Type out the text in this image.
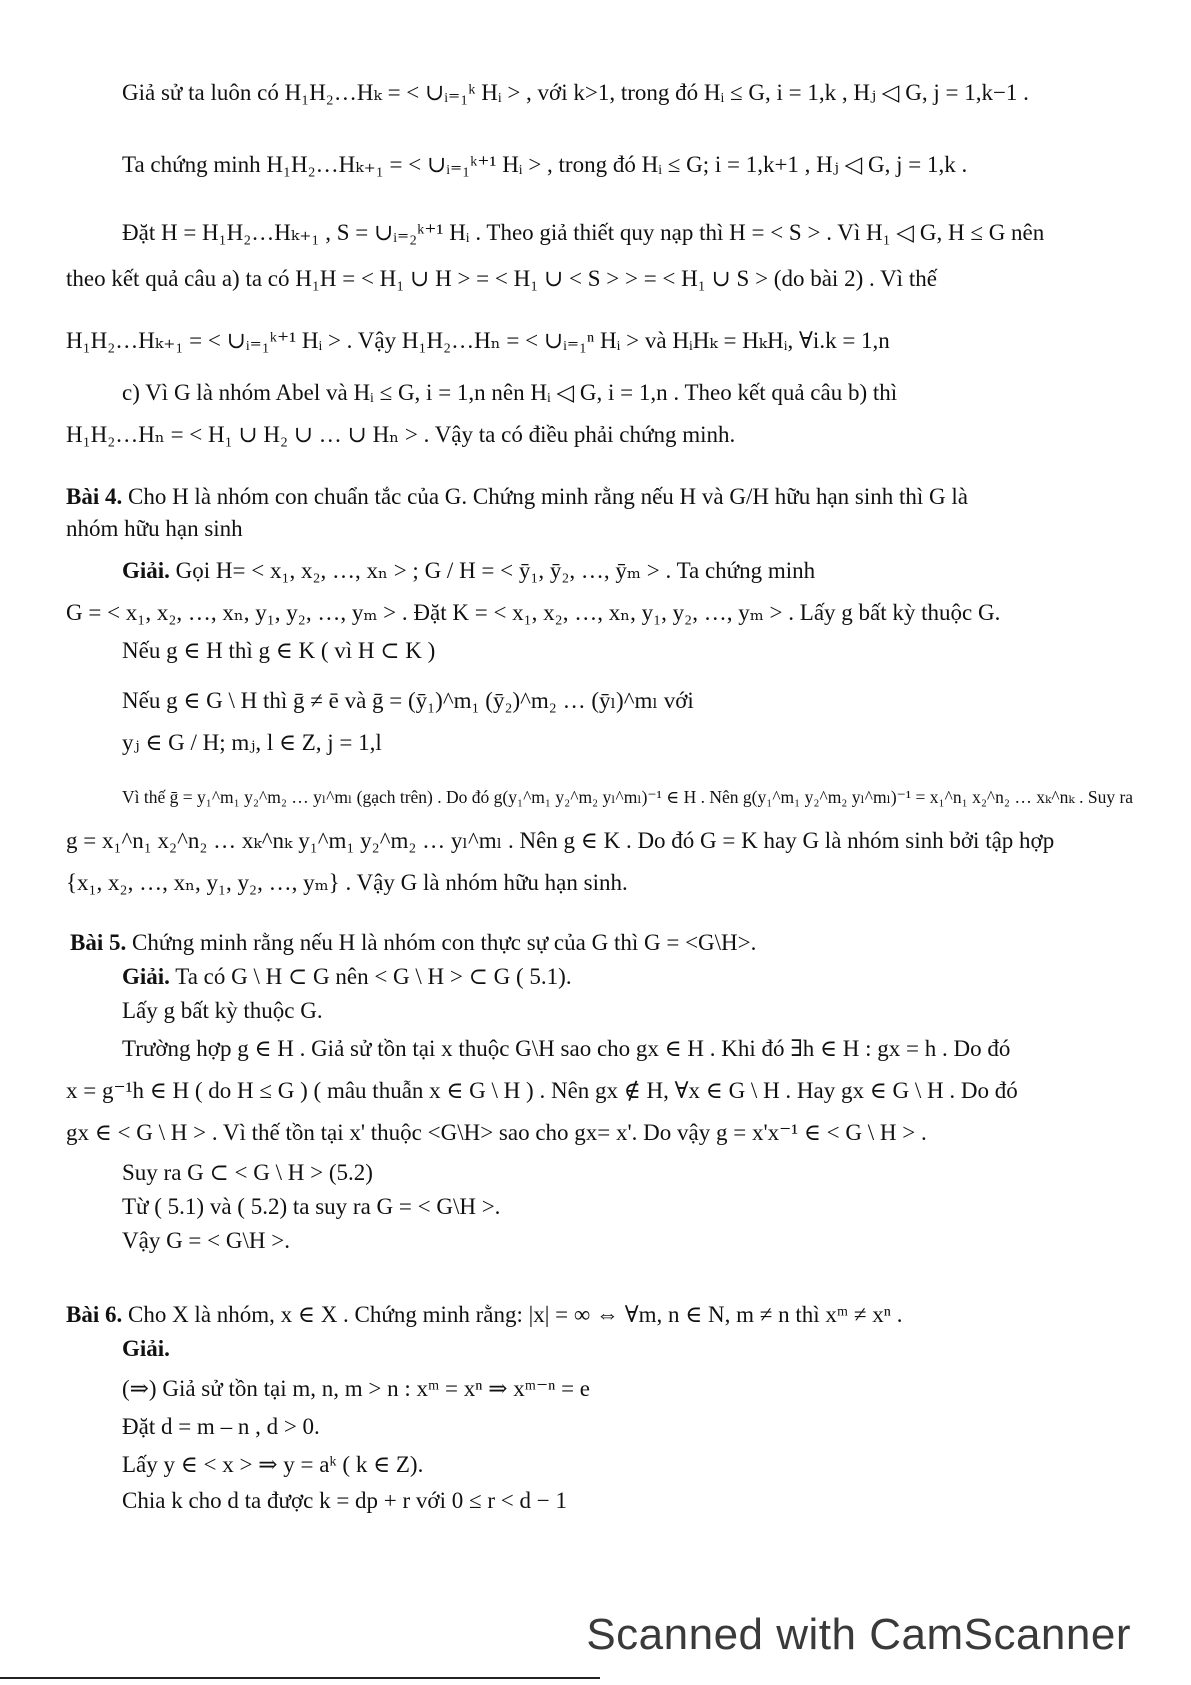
Giả sử ta luôn có H₁H₂…Hₖ = < ∪ᵢ₌₁ᵏ Hᵢ > , với k>1, trong đó Hᵢ ≤ G, i = 1,k , Hⱼ ◁ G, j = 1,k−1 .
Ta chứng minh H₁H₂…Hₖ₊₁ = < ∪ᵢ₌₁ᵏ⁺¹ Hᵢ > , trong đó Hᵢ ≤ G; i = 1,k+1 , Hⱼ ◁ G, j = 1,k .
Đặt H = H₁H₂…Hₖ₊₁ , S = ∪ᵢ₌₂ᵏ⁺¹ Hᵢ . Theo giả thiết quy nạp thì H = < S > . Vì H₁ ◁ G, H ≤ G nên
theo kết quả câu a) ta có H₁H = < H₁ ∪ H > = < H₁ ∪ < S > > = < H₁ ∪ S > (do bài 2) . Vì thế
H₁H₂…Hₖ₊₁ = < ∪ᵢ₌₁ᵏ⁺¹ Hᵢ > . Vậy H₁H₂…Hₙ = < ∪ᵢ₌₁ⁿ Hᵢ > và HᵢHₖ = HₖHᵢ, ∀i.k = 1,n
c) Vì G là nhóm Abel và Hᵢ ≤ G, i = 1,n nên Hᵢ ◁ G, i = 1,n . Theo kết quả câu b) thì
H₁H₂…Hₙ = < H₁ ∪ H₂ ∪ … ∪ Hₙ > . Vậy ta có điều phải chứng minh.
Bài 4. Cho H là nhóm con chuẩn tắc của G. Chứng minh rằng nếu H và G/H hữu hạn sinh thì G là
nhóm hữu hạn sinh
Giải. Gọi H= < x₁, x₂, …, xₙ > ; G / H = < ȳ₁, ȳ₂, …, ȳₘ > . Ta chứng minh
G = < x₁, x₂, …, xₙ, y₁, y₂, …, yₘ > . Đặt K = < x₁, x₂, …, xₙ, y₁, y₂, …, yₘ > . Lấy g bất kỳ thuộc G.
Nếu g ∈ H thì g ∈ K ( vì H ⊂ K )
Nếu g ∈ G \ H thì ḡ ≠ ē và ḡ = (ȳ₁)^m₁ (ȳ₂)^m₂ … (ȳₗ)^mₗ với
yⱼ ∈ G / H; mⱼ, l ∈ Z, j = 1,l
Vì thế ḡ = y₁^m₁ y₂^m₂ … yₗ^mₗ (gạch trên) . Do đó g(y₁^m₁ y₂^m₂ yₗ^mₗ)⁻¹ ∈ H . Nên g(y₁^m₁ y₂^m₂ yₗ^mₗ)⁻¹ = x₁^n₁ x₂^n₂ … xₖ^nₖ . Suy ra
g = x₁^n₁ x₂^n₂ … xₖ^nₖ y₁^m₁ y₂^m₂ … yₗ^mₗ . Nên g ∈ K . Do đó G = K hay G là nhóm sinh bởi tập hợp
{x₁, x₂, …, xₙ, y₁, y₂, …, yₘ} . Vậy G là nhóm hữu hạn sinh.
Bài 5. Chứng minh rằng nếu H là nhóm con thực sự của G thì G = <G\H>.
Giải. Ta có G \ H ⊂ G nên < G \ H > ⊂ G ( 5.1).
Lấy g bất kỳ thuộc G.
Trường hợp g ∈ H . Giả sử tồn tại x thuộc G\H sao cho gx ∈ H . Khi đó ∃h ∈ H : gx = h . Do đó
x = g⁻¹h ∈ H ( do H ≤ G ) ( mâu thuẫn x ∈ G \ H ) . Nên gx ∉ H, ∀x ∈ G \ H . Hay gx ∈ G \ H . Do đó
gx ∈ < G \ H > . Vì thế tồn tại x' thuộc <G\H> sao cho gx= x'. Do vậy g = x'x⁻¹ ∈ < G \ H > .
Suy ra G ⊂ < G \ H > (5.2)
Từ ( 5.1) và ( 5.2) ta suy ra G = < G\H >.
Vậy G = < G\H >.
Bài 6. Cho X là nhóm, x ∈ X . Chứng minh rằng: |x| = ∞ ⇔ ∀m, n ∈ N, m ≠ n thì xᵐ ≠ xⁿ .
Giải.
(⇒) Giả sử tồn tại m, n, m > n : xᵐ = xⁿ ⇒ xᵐ⁻ⁿ = e
Đặt d = m – n , d > 0.
Lấy y ∈ < x > ⇒ y = aᵏ ( k ∈ Z).
Chia k cho d ta được k = dp + r với 0 ≤ r < d − 1
Scanned with CamScanner
